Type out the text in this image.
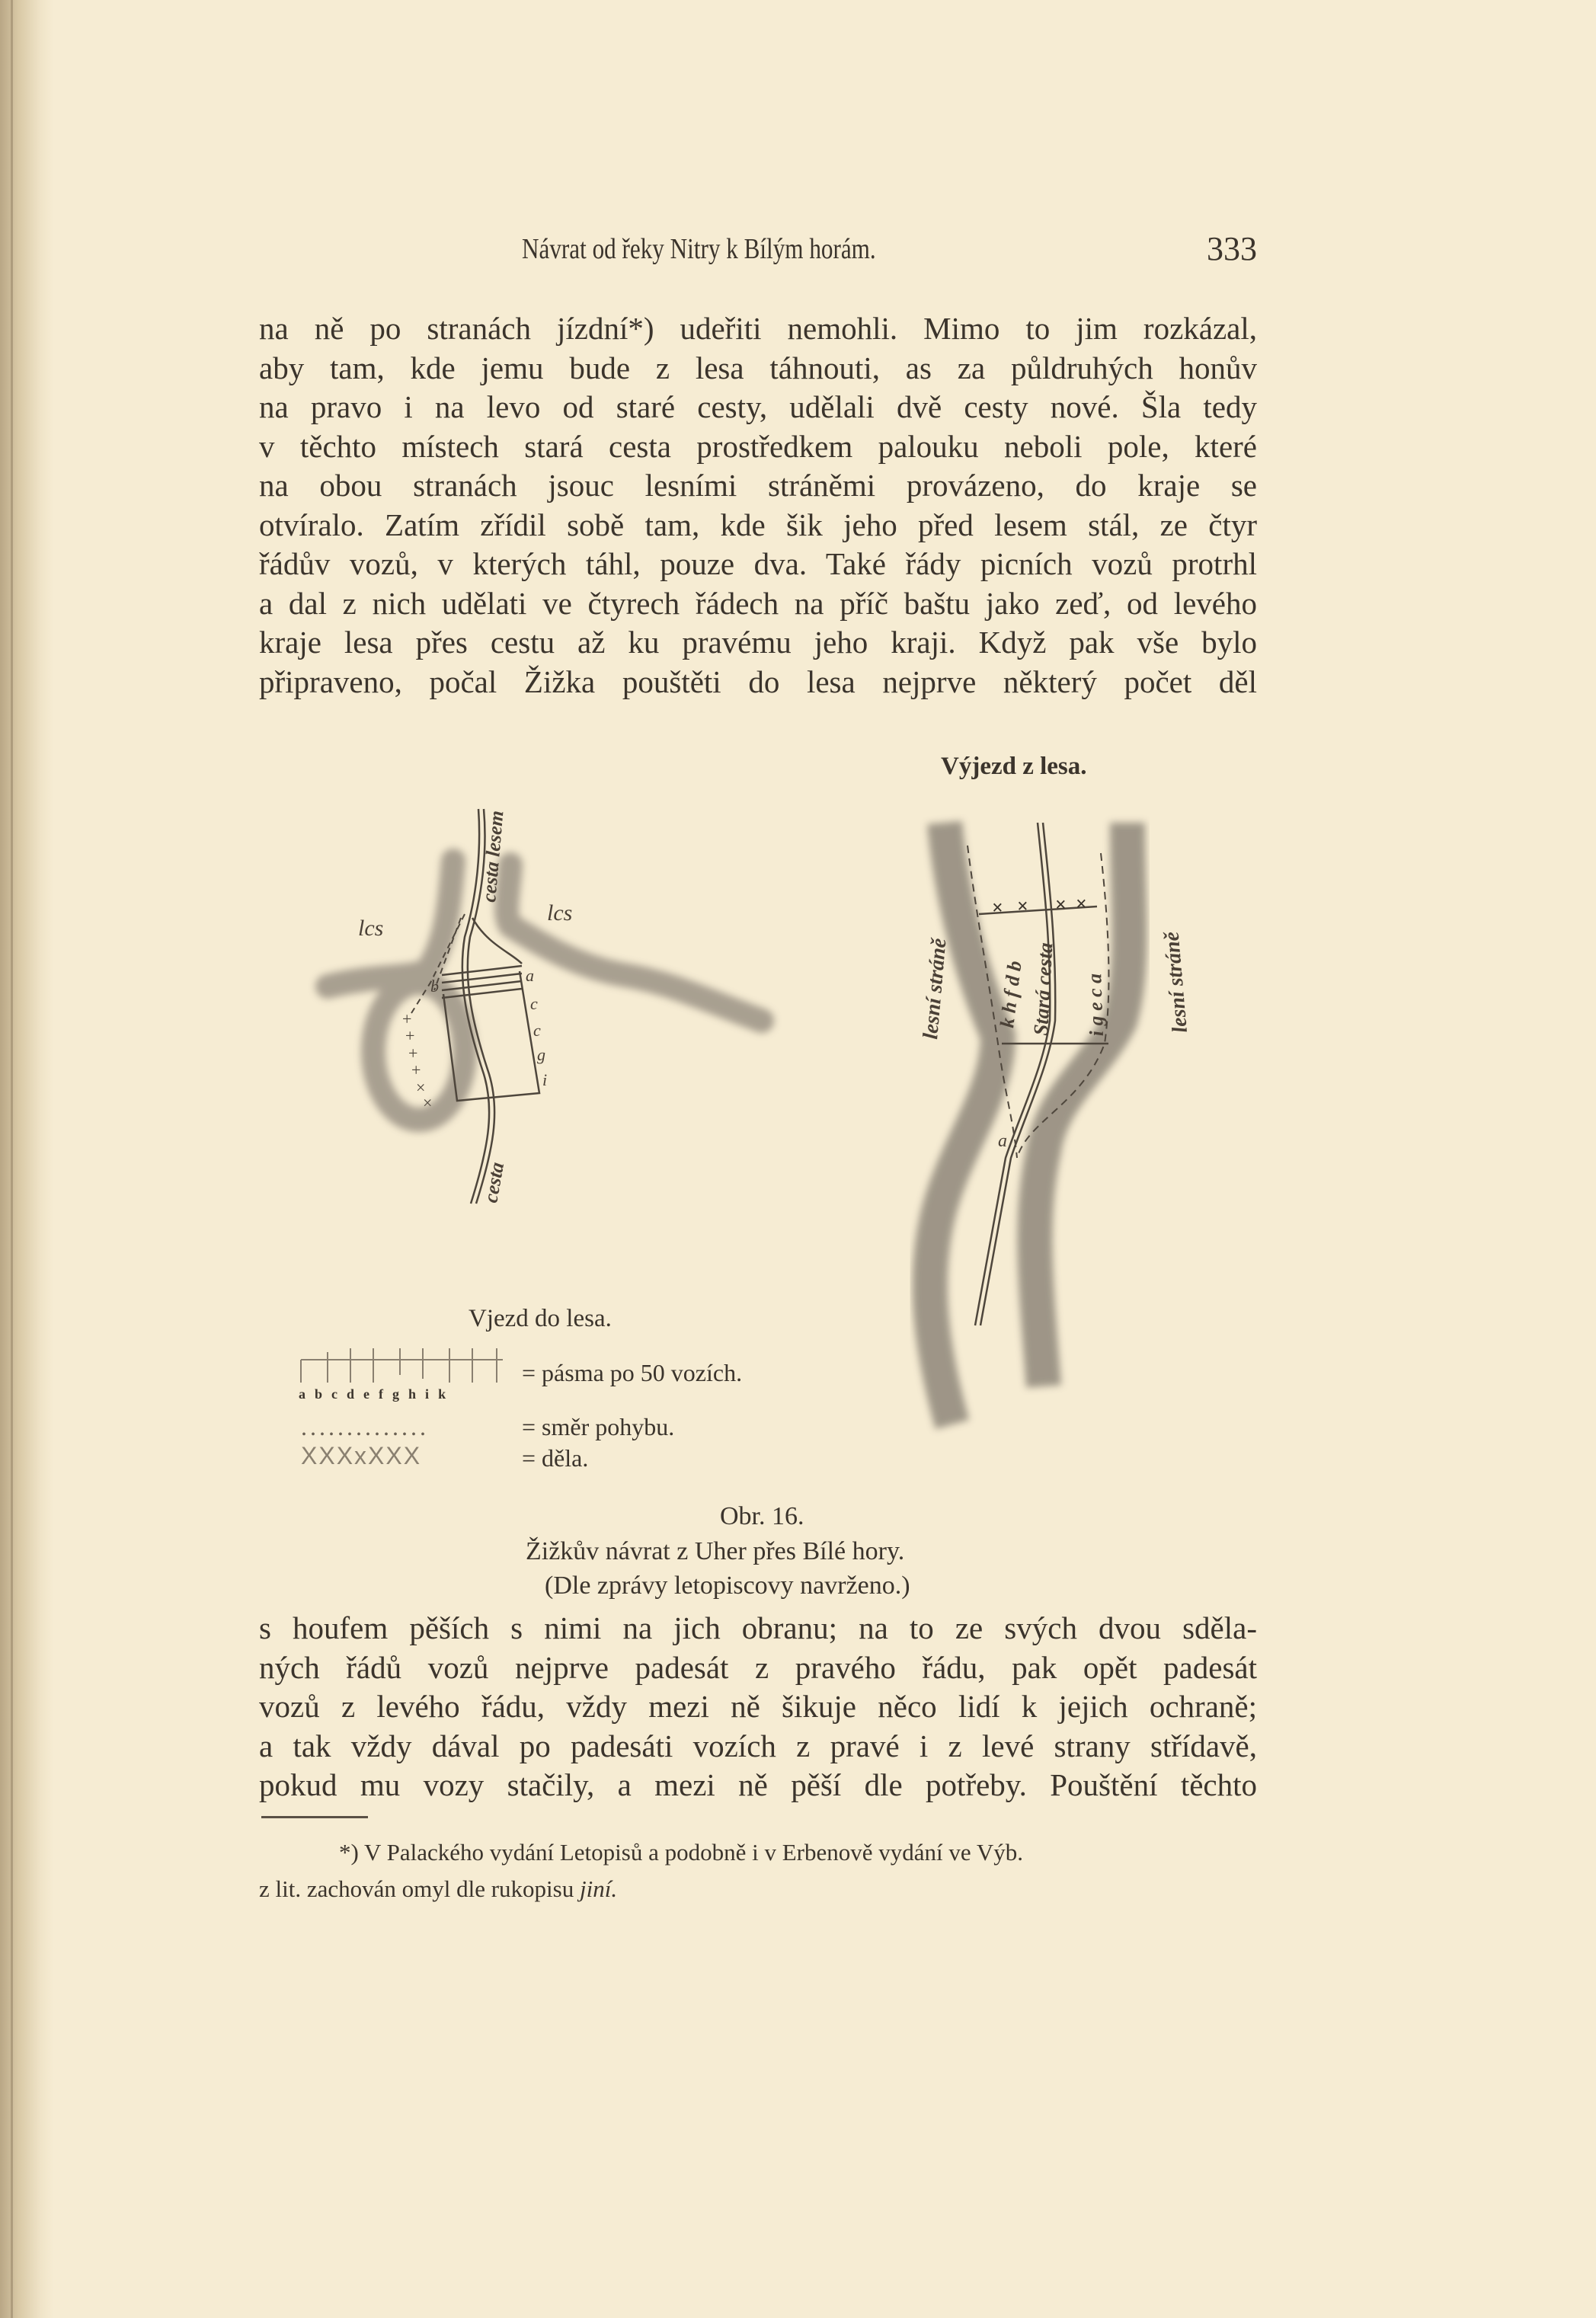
Návrat od řeky Nitry k Bílým horám.	333
na ně po stranách jízdní*) udeřiti nemohli. Mimo to jim rozkázal,
aby tam, kde jemu bude z lesa táhnouti, as za půldruhých honův
na pravo i na levo od staré cesty, udělali dvě cesty nové. Šla tedy
v těchto místech stará cesta prostředkem palouku neboli pole, které
na obou stranách jsouc lesními stráněmi provázeno, do kraje se
otvíralo. Zatím zřídil sobě tam, kde šik jeho před lesem stál, ze čtyr
řádův vozů, v kterých táhl, pouze dva. Také řády picních vozů protrhl
a dal z nich udělati ve čtyrech řádech na příč baštu jako zeď, od levého
kraje lesa přes cestu až ku pravému jeho kraji. Když pak vše bylo
připraveno, počal Žižka pouštěti do lesa nejprve některý počet děl
Výjezd z lesa.
+
+
+
+
×
×
lcs
lcs
cesta lesem
cesta
a
b
c
c
g
i
× × × ×
lesní stráně	lesní stráně
Stará cesta
k h f d b	i g e c a
a
Vjezd do lesa.
abcdefghik
= pásma po 50 vozích.
..............	= směr pohybu.
XXXxXXX	= děla.
Obr. 16.
Žižkův návrat z Uher přes Bílé hory.
(Dle zprávy letopiscovy navrženo.)
s houfem pěších s nimi na jich obranu; na to ze svých dvou sděla-
ných řádů vozů nejprve padesát z pravého řádu, pak opět padesát
vozů z levého řádu, vždy mezi ně šikuje něco lidí k jejich ochraně;
a tak vždy dával po padesáti vozích z pravé i z levé strany střídavě,
pokud mu vozy stačily, a mezi ně pěší dle potřeby. Pouštění těchto
*) V Palackého vydání Letopisů a podobně i v Erbenově vydání ve Výb.
z lit. zachován omyl dle rukopisu jiní.
